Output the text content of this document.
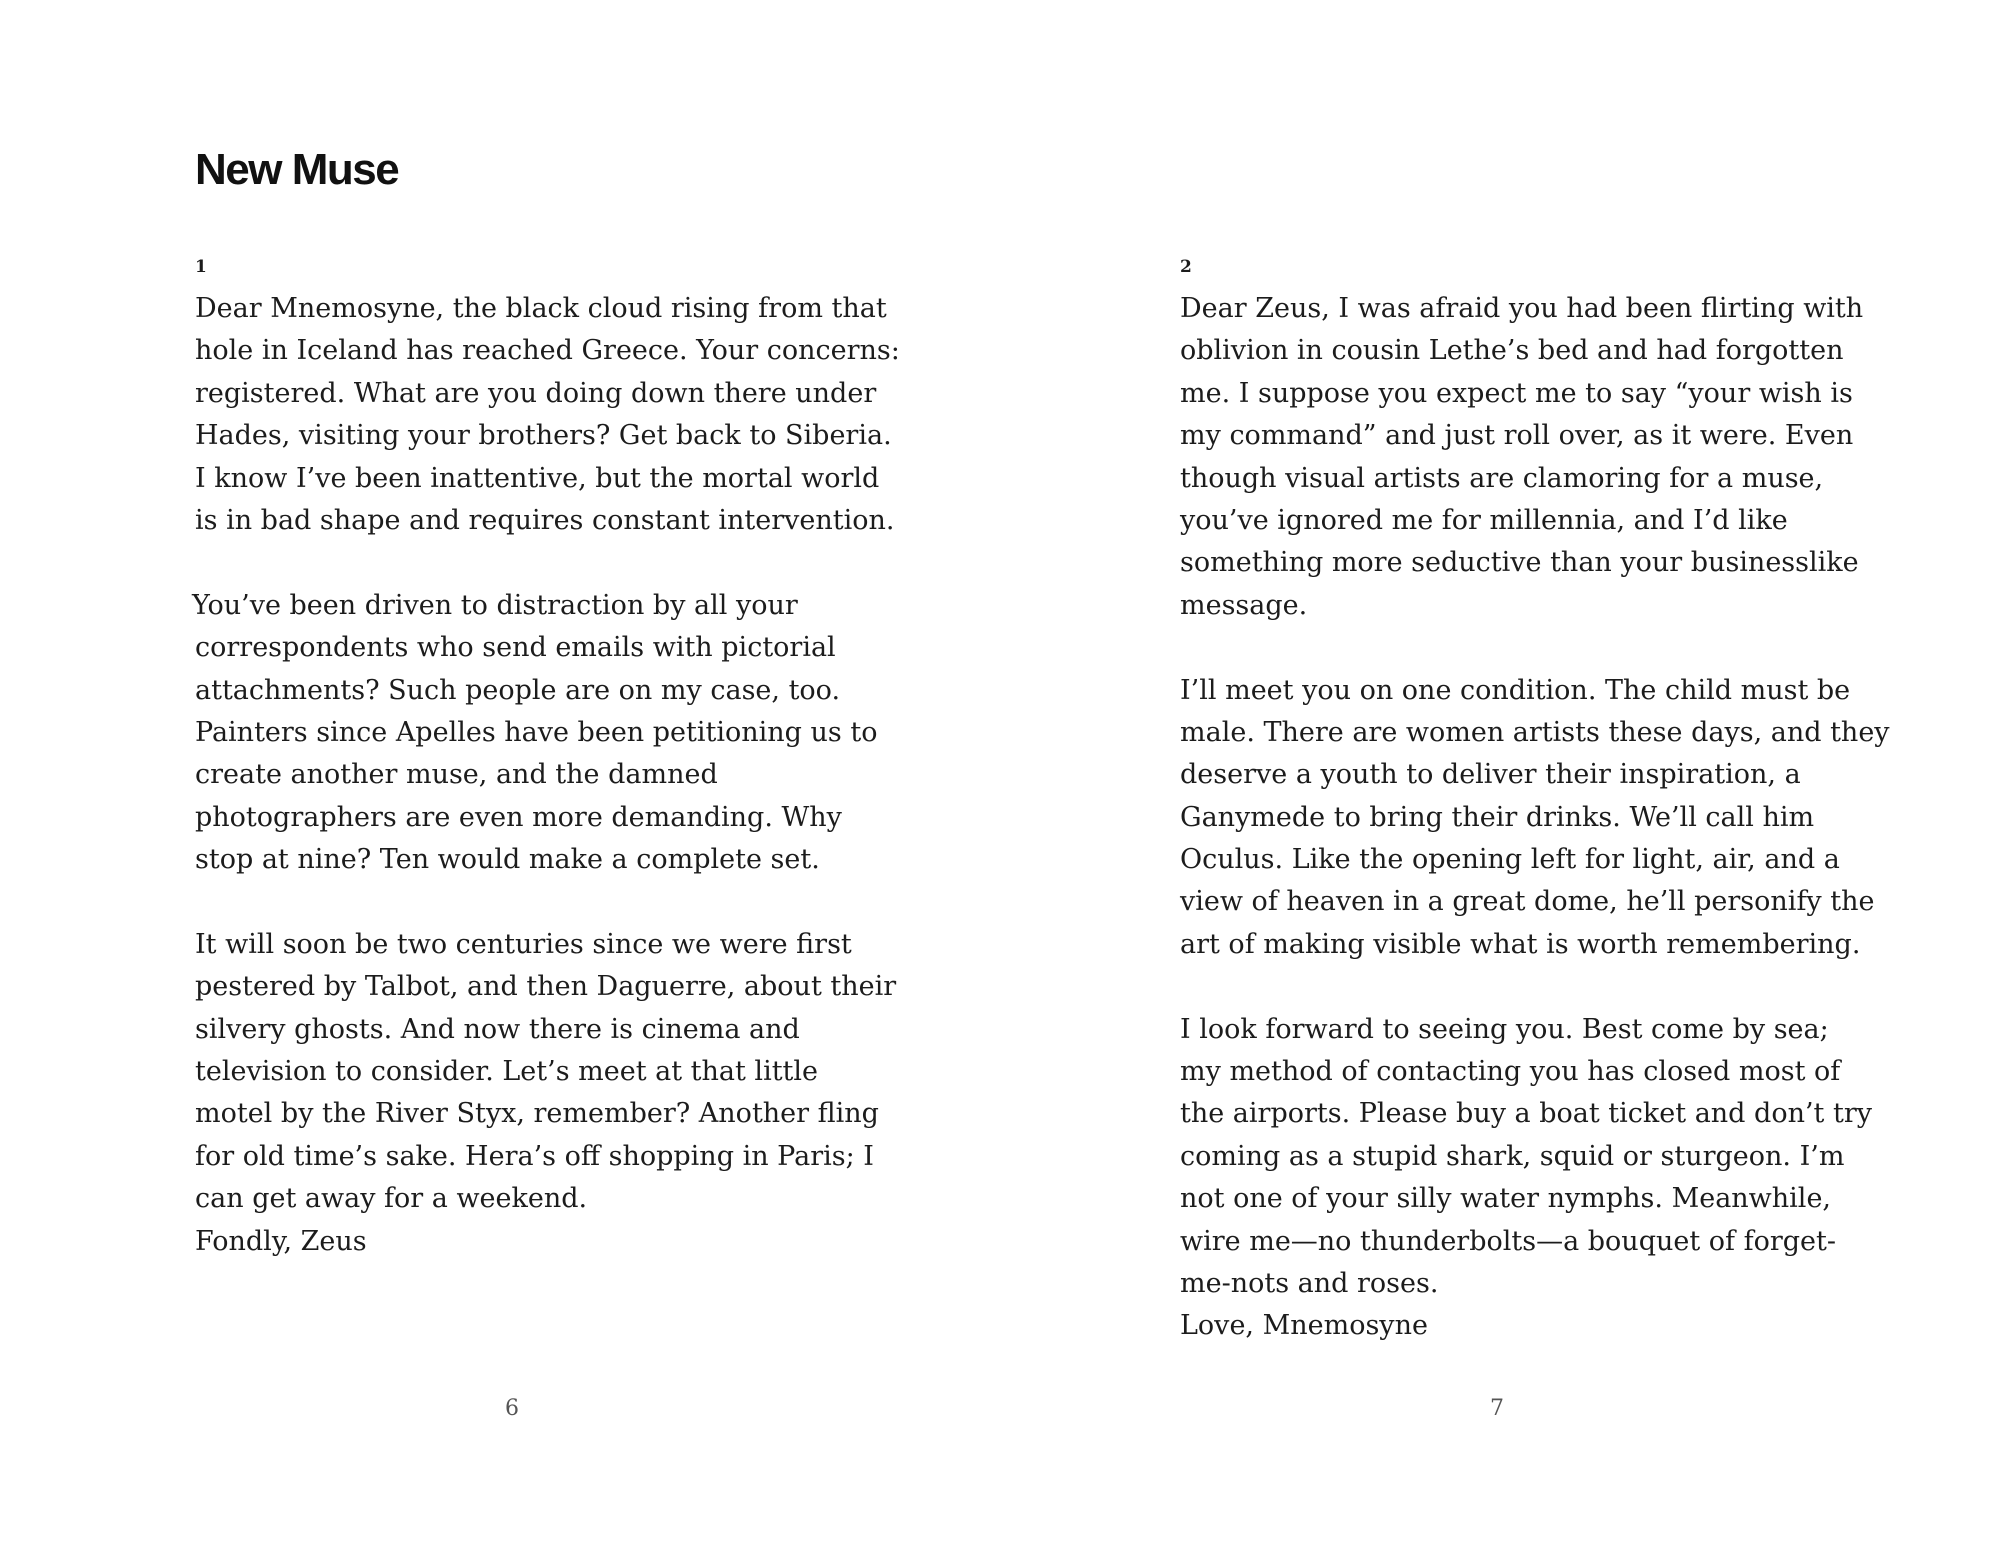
New Muse
1
Dear Mnemosyne, the black cloud rising from that
hole in Iceland has reached Greece. Your concerns:
registered. What are you doing down there under
Hades, visiting your brothers? Get back to Siberia.
I know I’ve been inattentive, but the mortal world
is in bad shape and requires constant intervention.
You’ve been driven to distraction by all your
correspondents who send emails with pictorial
attachments? Such people are on my case, too.
Painters since Apelles have been petitioning us to
create another muse, and the damned
photographers are even more demanding. Why
stop at nine? Ten would make a complete set.
It will soon be two centuries since we were first
pestered by Talbot, and then Daguerre, about their
silvery ghosts. And now there is cinema and
television to consider. Let’s meet at that little
motel by the River Styx, remember? Another fling
for old time’s sake. Hera’s off shopping in Paris; I
can get away for a weekend.
Fondly, Zeus
6
2
Dear Zeus, I was afraid you had been flirting with
oblivion in cousin Lethe’s bed and had forgotten
me. I suppose you expect me to say “your wish is
my command” and just roll over, as it were. Even
though visual artists are clamoring for a muse,
you’ve ignored me for millennia, and I’d like
something more seductive than your businesslike
message.
I’ll meet you on one condition. The child must be
male. There are women artists these days, and they
deserve a youth to deliver their inspiration, a
Ganymede to bring their drinks. We’ll call him
Oculus. Like the opening left for light, air, and a
view of heaven in a great dome, he’ll personify the
art of making visible what is worth remembering.
I look forward to seeing you. Best come by sea;
my method of contacting you has closed most of
the airports. Please buy a boat ticket and don’t try
coming as a stupid shark, squid or sturgeon. I’m
not one of your silly water nymphs. Meanwhile,
wire me—no thunderbolts—a bouquet of forget-
me-nots and roses.
Love, Mnemosyne
7
